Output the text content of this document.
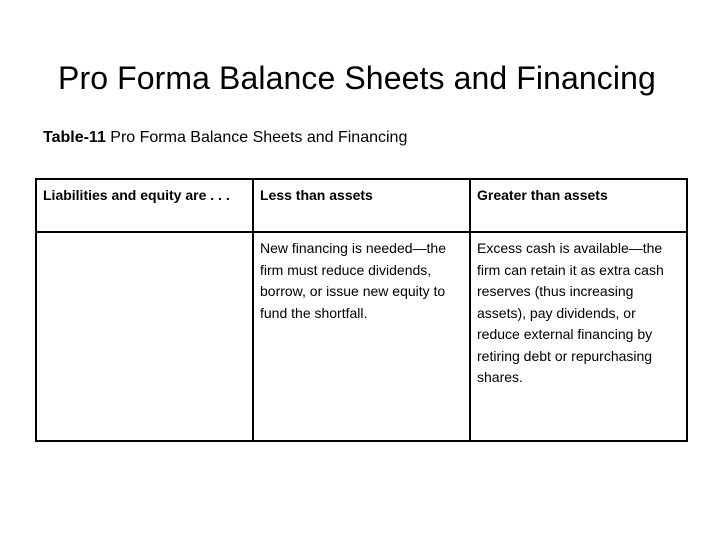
Pro Forma Balance Sheets and Financing
Table-11 Pro Forma Balance Sheets and Financing
Liabilities and equity are . . .	Less than assets	Greater than assets
	New financing is needed—the firm must reduce dividends, borrow, or issue new equity to fund the shortfall.	Excess cash is available—the firm can retain it as extra cash reserves (thus increasing assets), pay dividends, or reduce external financing by retiring debt or repurchasing shares.
